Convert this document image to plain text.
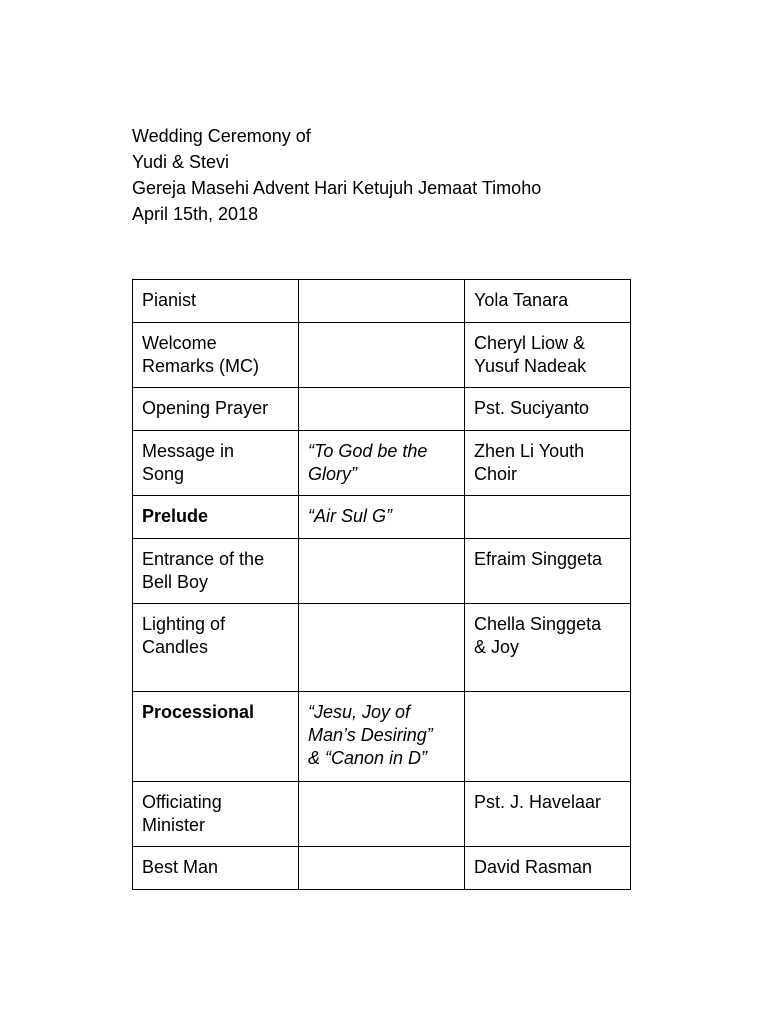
Wedding Ceremony of
Yudi & Stevi
Gereja Masehi Advent Hari Ketujuh Jemaat Timoho
April 15th, 2018
Pianist		Yola Tanara

Welcome
Remarks (MC)		Cheryl Liow &
Yusuf Nadeak

Opening Prayer		Pst. Suciyanto

Message in
Song	“To God be the
Glory”	Zhen Li Youth
Choir

Prelude	“Air Sul G”	

Entrance of the
Bell Boy		Efraim Singgeta

Lighting of
Candles		Chella Singgeta
& Joy

Processional	“Jesu, Joy of
Man’s Desiring”
& “Canon in D”	

Officiating
Minister		Pst. J. Havelaar

Best Man		David Rasman
